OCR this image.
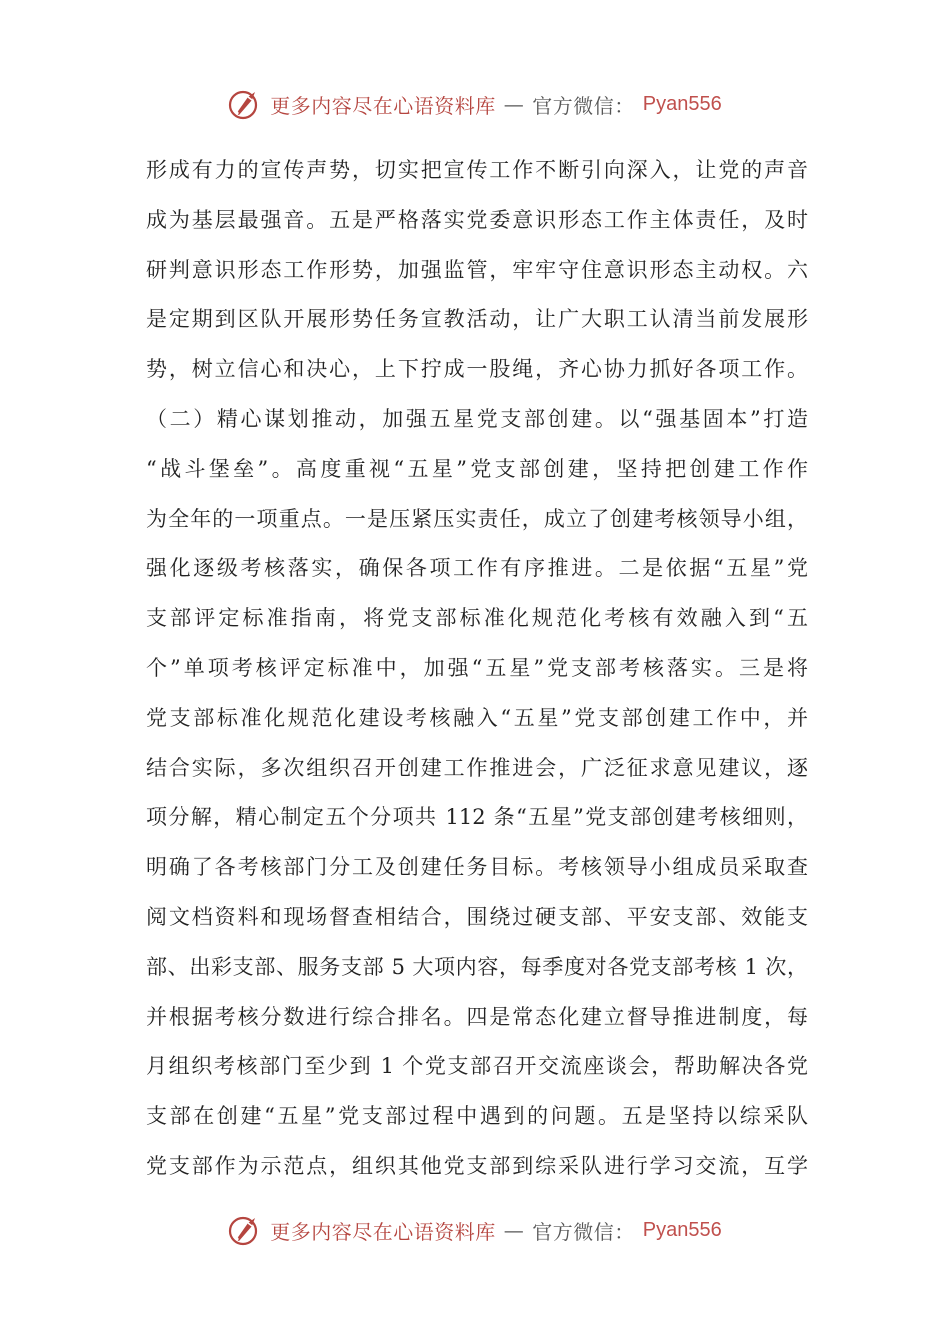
更多内容尽在心语资料库 — 官方微信： Pyan556
形成有力的宣传声势，切实把宣传工作不断引向深入，让党的声音
成为基层最强音。五是严格落实党委意识形态工作主体责任，及时
研判意识形态工作形势，加强监管，牢牢守住意识形态主动权。六
是定期到区队开展形势任务宣教活动，让广大职工认清当前发展形
势，树立信心和决心，上下拧成一股绳，齐心协力抓好各项工作。
（二）精心谋划推动，加强五星党支部创建。以“强基固本”打造
“战斗堡垒”。高度重视“五星”党支部创建，坚持把创建工作作
为全年的一项重点。一是压紧压实责任，成立了创建考核领导小组，
强化逐级考核落实，确保各项工作有序推进。二是依据“五星”党
支部评定标准指南，将党支部标准化规范化考核有效融入到“五
个”单项考核评定标准中，加强“五星”党支部考核落实。三是将
党支部标准化规范化建设考核融入“五星”党支部创建工作中，并
结合实际，多次组织召开创建工作推进会，广泛征求意见建议，逐
项分解，精心制定五个分项共 112 条“五星”党支部创建考核细则，
明确了各考核部门分工及创建任务目标。考核领导小组成员采取查
阅文档资料和现场督查相结合，围绕过硬支部、平安支部、效能支
部、出彩支部、服务支部 5 大项内容，每季度对各党支部考核 1 次，
并根据考核分数进行综合排名。四是常态化建立督导推进制度，每
月组织考核部门至少到 1 个党支部召开交流座谈会，帮助解决各党
支部在创建“五星”党支部过程中遇到的问题。五是坚持以综采队
党支部作为示范点，组织其他党支部到综采队进行学习交流，互学
更多内容尽在心语资料库 — 官方微信： Pyan556
